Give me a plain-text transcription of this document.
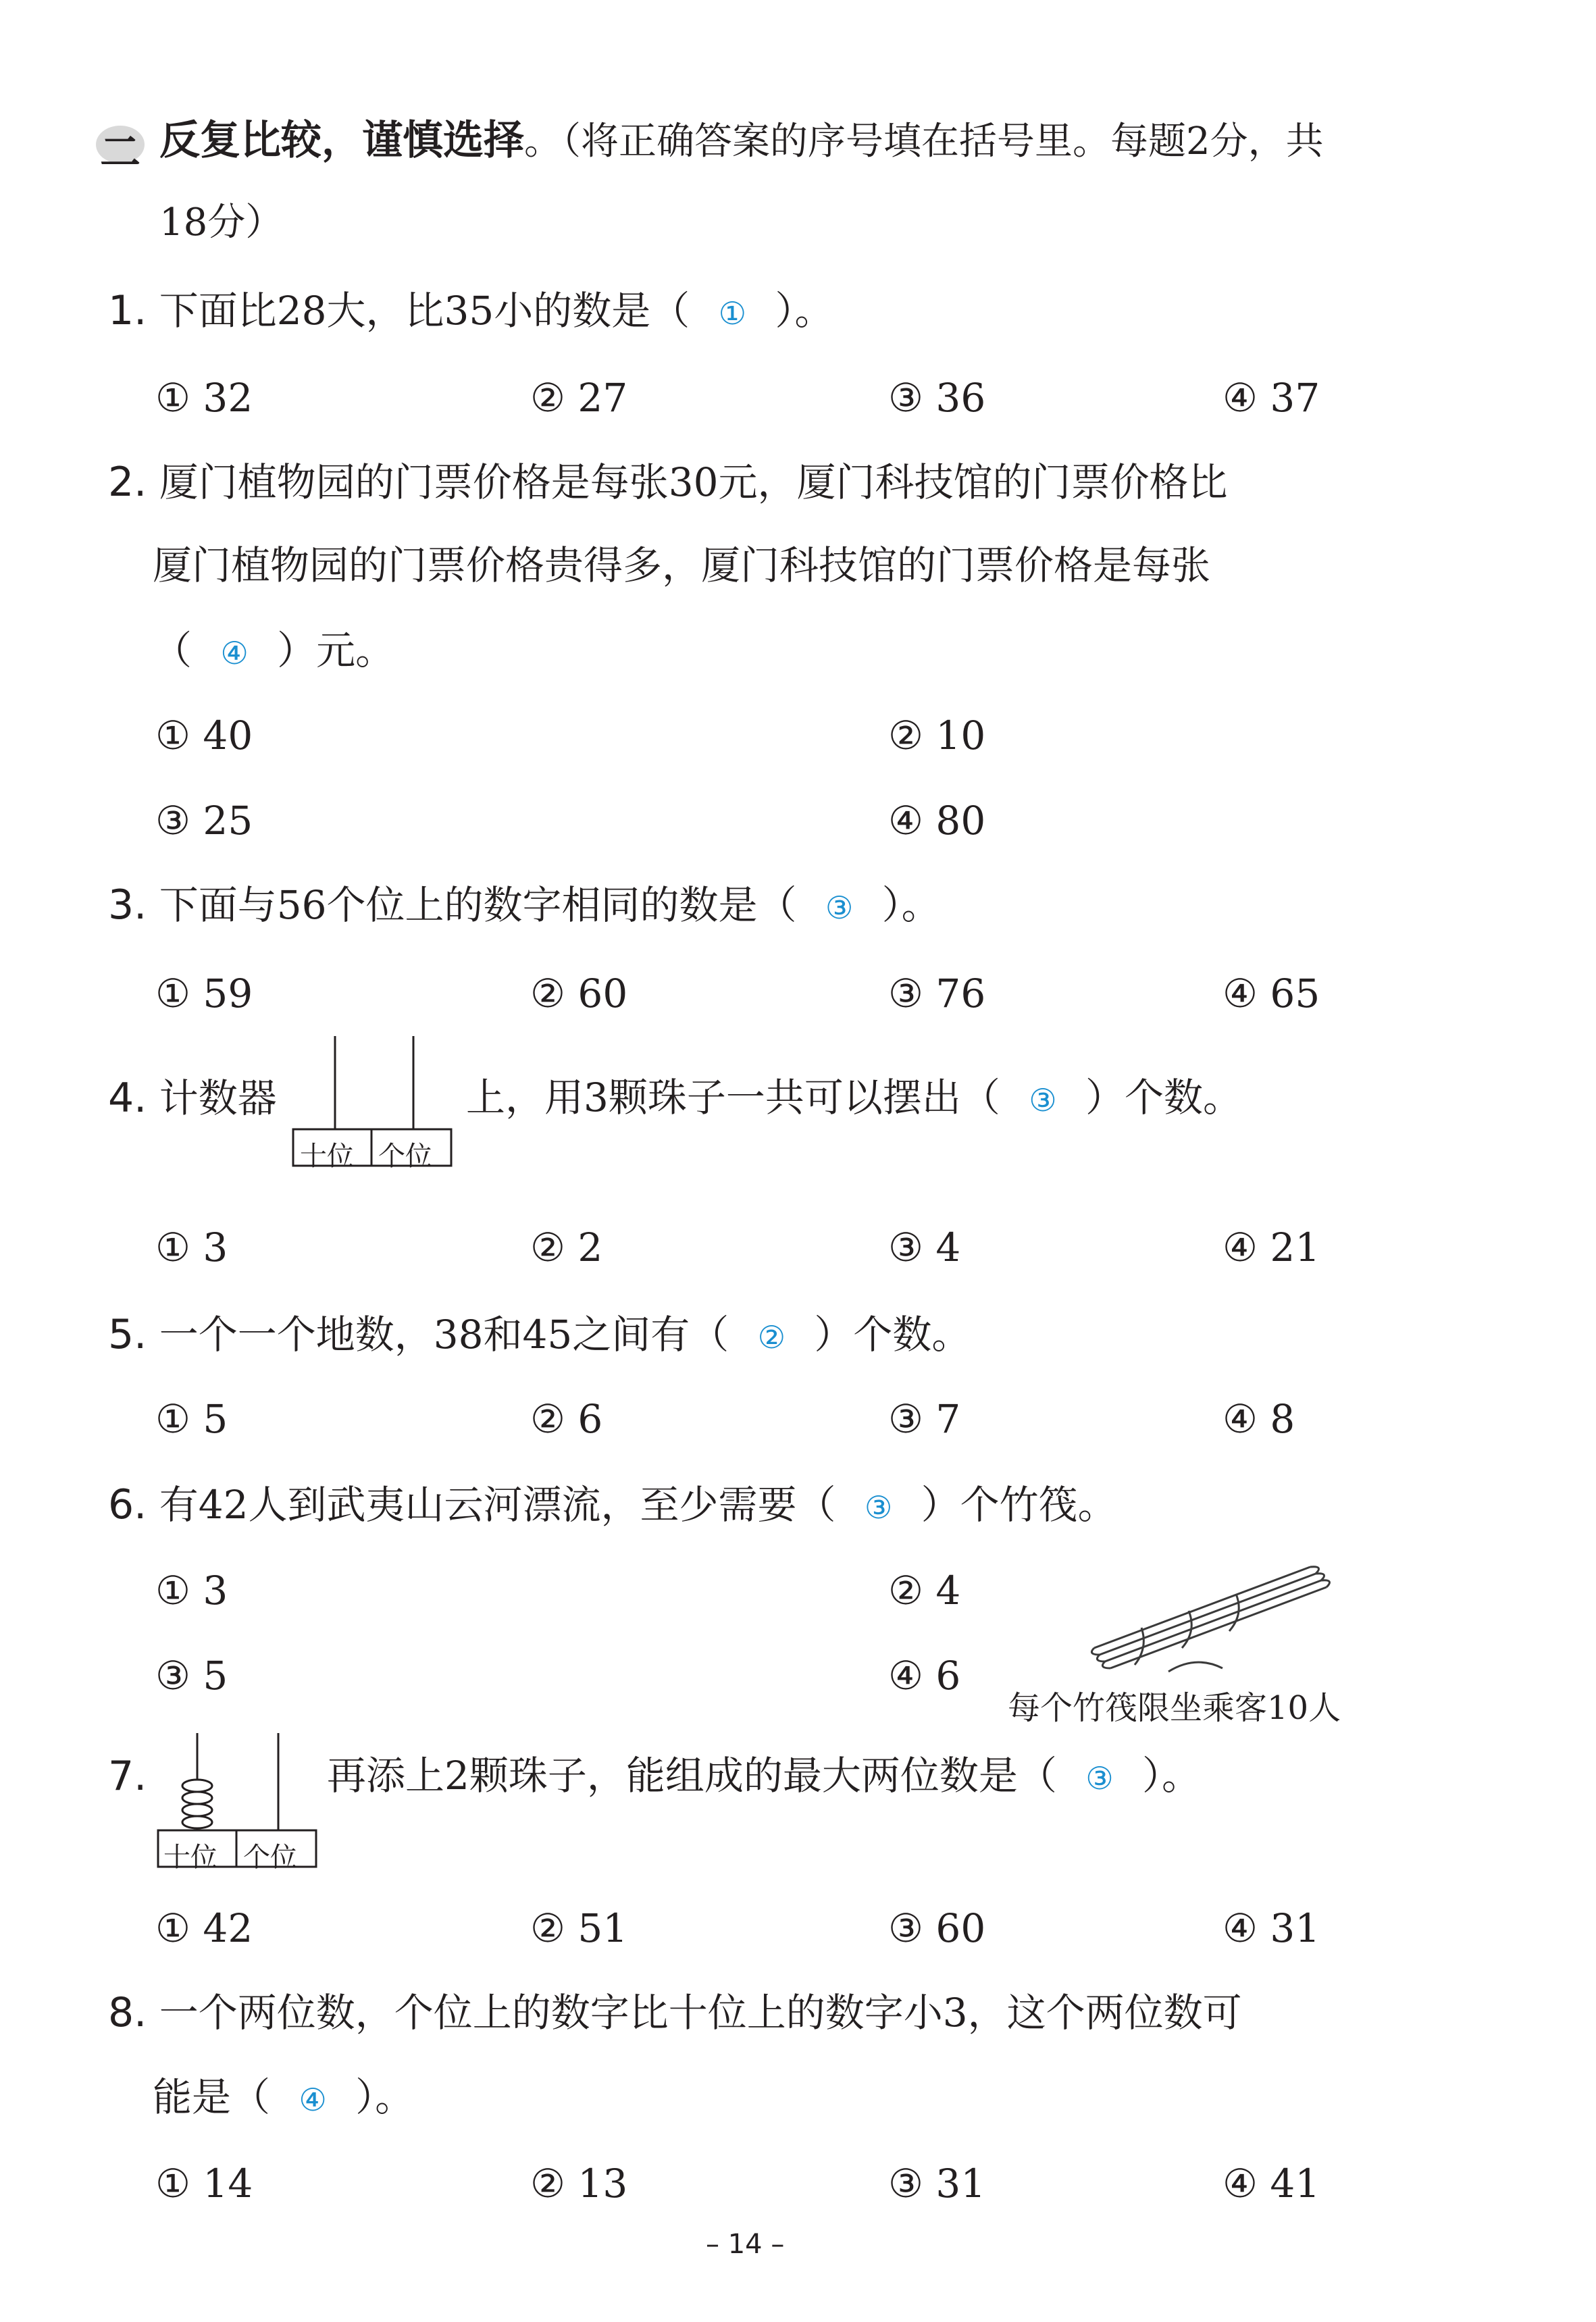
二 反复比较，谨慎选择。（将正确答案的序号填在括号里。每题2分，共
18分）
1. 下面比28大，比35小的数是（ ① ）。
① 32	② 27	③ 36	④ 37
2. 厦门植物园的门票价格是每张30元，厦门科技馆的门票价格比
厦门植物园的门票价格贵得多，厦门科技馆的门票价格是每张
（ ④ ）元。
① 40	② 10
③ 25	④ 80
3. 下面与56个位上的数字相同的数是（ ③ ）。
① 59	② 60	③ 76	④ 65
4. 计数器
十位 个位
上，用3颗珠子一共可以摆出（ ③ ）个数。
① 3	② 2	③ 4	④ 21
5. 一个一个地数，38和45之间有（ ② ）个数。
① 5	② 6	③ 7	④ 8
6. 有42人到武夷山云河漂流，至少需要（ ③ ）个竹筏。
① 3	② 4
③ 5	④ 6
每个竹筏限坐乘客10人
7.
十位 个位
再添上2颗珠子，能组成的最大两位数是（ ③ ）。
① 42	② 51	③ 60	④ 31
8. 一个两位数，个位上的数字比十位上的数字小3，这个两位数可
能是（ ④ ）。
① 14	② 13	③ 31	④ 41
– 14 –
